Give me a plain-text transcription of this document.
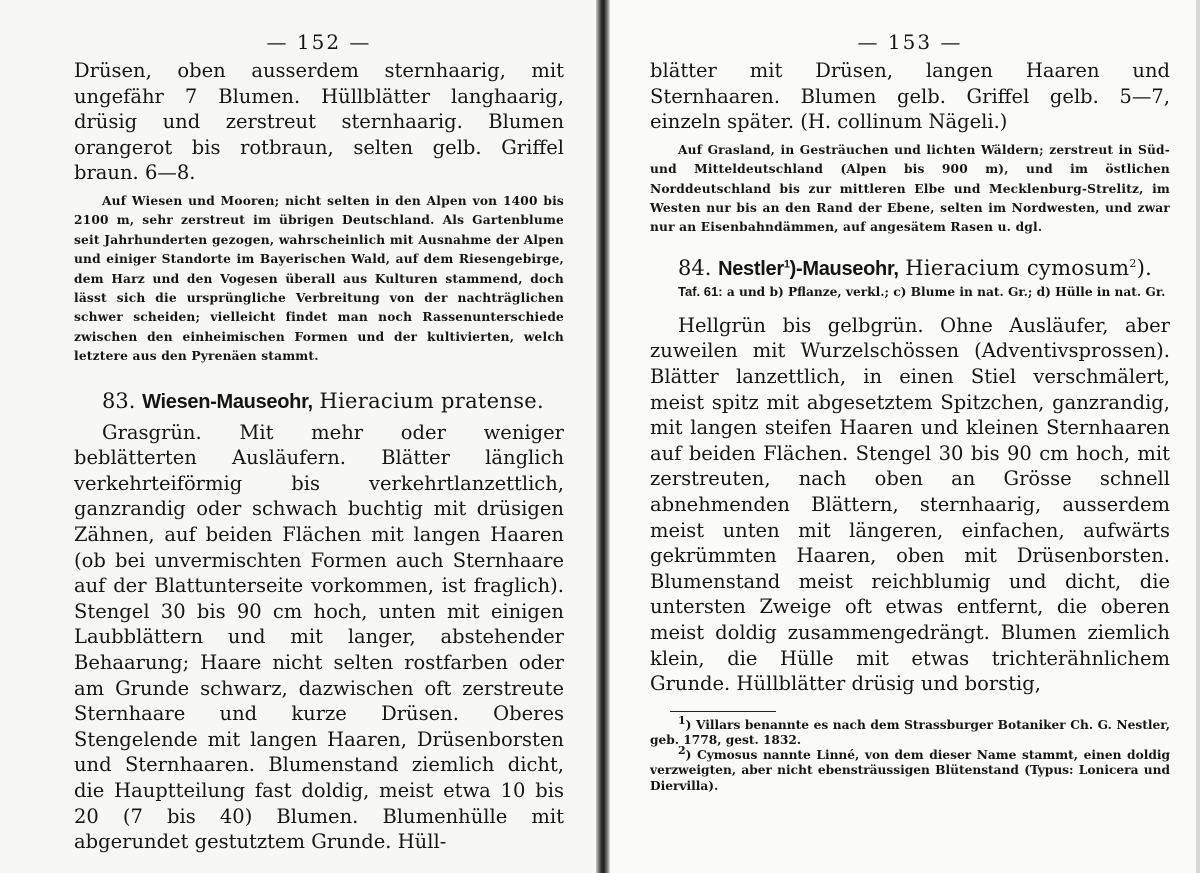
— 152 —

Drüsen, oben ausserdem sternhaarig, mit ungefähr 7 Blumen. Hüllblätter langhaarig, drüsig und zerstreut sternhaarig. Blumen orangerot bis rotbraun, selten gelb. Griffel braun. 6—8.

Auf Wiesen und Mooren; nicht selten in den Alpen von 1400 bis 2100 m, sehr zerstreut im übrigen Deutschland. Als Gartenblume seit Jahrhunderten gezogen, wahrscheinlich mit Ausnahme der Alpen und einiger Standorte im Bayerischen Wald, auf dem Riesengebirge, dem Harz und den Vogesen überall aus Kulturen stammend, doch lässt sich die ursprüngliche Verbreitung von der nachträglichen schwer scheiden; vielleicht findet man noch Rassenunterschiede zwischen den einheimischen Formen und der kultivierten, welch letztere aus den Pyrenäen stammt.

83. Wiesen-Mauseohr, Hieracium pratense.

Grasgrün. Mit mehr oder weniger beblätterten Ausläufern. Blätter länglich verkehrteiförmig bis verkehrtlanzettlich, ganzrandig oder schwach buchtig mit drüsigen Zähnen, auf beiden Flächen mit langen Haaren (ob bei unvermischten Formen auch Sternhaare auf der Blattunterseite vorkommen, ist fraglich). Stengel 30 bis 90 cm hoch, unten mit einigen Laubblättern und mit langer, abstehender Behaarung; Haare nicht selten rostfarben oder am Grunde schwarz, dazwischen oft zerstreute Sternhaare und kurze Drüsen. Oberes Stengelende mit langen Haaren, Drüsenborsten und Sternhaaren. Blumenstand ziemlich dicht, die Hauptteilung fast doldig, meist etwa 10 bis 20 (7 bis 40) Blumen. Blumenhülle mit abgerundet gestutztem Grunde. Hüll-

— 153 —

blätter mit Drüsen, langen Haaren und Sternhaaren. Blumen gelb. Griffel gelb. 5—7, einzeln später. (H. collinum Nägeli.)

Auf Grasland, in Gesträuchen und lichten Wäldern; zerstreut in Süd- und Mitteldeutschland (Alpen bis 900 m), und im östlichen Norddeutschland bis zur mittleren Elbe und Mecklenburg-Strelitz, im Westen nur bis an den Rand der Ebene, selten im Nordwesten, und zwar nur an Eisenbahndämmen, auf angesätem Rasen u. dgl.

84. Nestler$^1$)-Mauseohr, Hieracium cymosum$^2$).

Taf. 61: a und b) Pflanze, verkl.; c) Blume in nat. Gr.; d) Hülle in nat. Gr.

Hellgrün bis gelbgrün. Ohne Ausläufer, aber zuweilen mit Wurzelschössen (Adventivsprossen). Blätter lanzettlich, in einen Stiel verschmälert, meist spitz mit abgesetztem Spitzchen, ganzrandig, mit langen steifen Haaren und kleinen Sternhaaren auf beiden Flächen. Stengel 30 bis 90 cm hoch, mit zerstreuten, nach oben an Grösse schnell abnehmenden Blättern, sternhaarig, ausserdem meist unten mit längeren, einfachen, aufwärts gekrümmten Haaren, oben mit Drüsenborsten. Blumenstand meist reichblumig und dicht, die untersten Zweige oft etwas entfernt, die oberen meist doldig zusammengedrängt. Blumen ziemlich klein, die Hülle mit etwas trichterähnlichem Grunde. Hüllblätter drüsig und borstig,

$^1$) Villars benannte es nach dem Strassburger Botaniker Ch. G. Nestler, geb. 1778, gest. 1832.

$^2$) Cymosus nannte Linné, von dem dieser Name stammt, einen doldig verzweigten, aber nicht ebensträussigen Blütenstand (Typus: Lonicera und Diervilla).
